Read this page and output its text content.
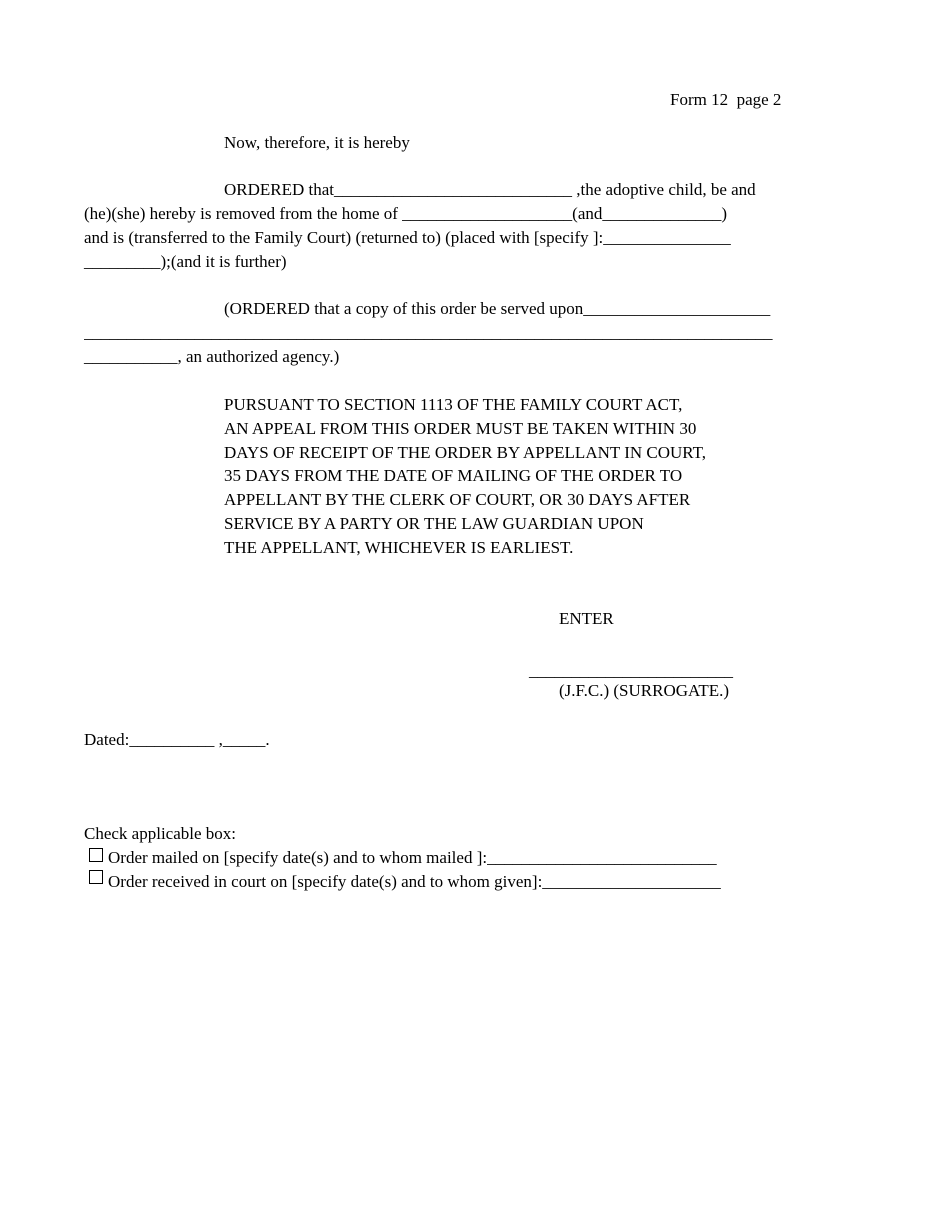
Form 12  page 2
Now, therefore, it is hereby
ORDERED that____________________________ ,the adoptive child, be and
(he)(she) hereby is removed from the home of ____________________(and______________)
and is (transferred to the Family Court) (returned to) (placed with [specify ]:_______________
_________);(and it is further)
(ORDERED that a copy of this order be served upon______________________
_________________________________________________________________________________
___________, an authorized agency.)
PURSUANT TO SECTION 1113 OF THE FAMILY COURT ACT,
AN APPEAL FROM THIS ORDER MUST BE TAKEN WITHIN 30
DAYS OF RECEIPT OF THE ORDER BY APPELLANT IN COURT,
35 DAYS FROM THE DATE OF MAILING OF THE ORDER TO
APPELLANT BY THE CLERK OF COURT, OR 30 DAYS AFTER
SERVICE BY A PARTY OR THE LAW GUARDIAN UPON
THE APPELLANT, WHICHEVER IS EARLIEST.
ENTER
________________________
(J.F.C.) (SURROGATE.)
Dated:__________ ,_____.
Check applicable box:
Order mailed on [specify date(s) and to whom mailed ]:___________________________
Order received in court on [specify date(s) and to whom given]:_____________________
